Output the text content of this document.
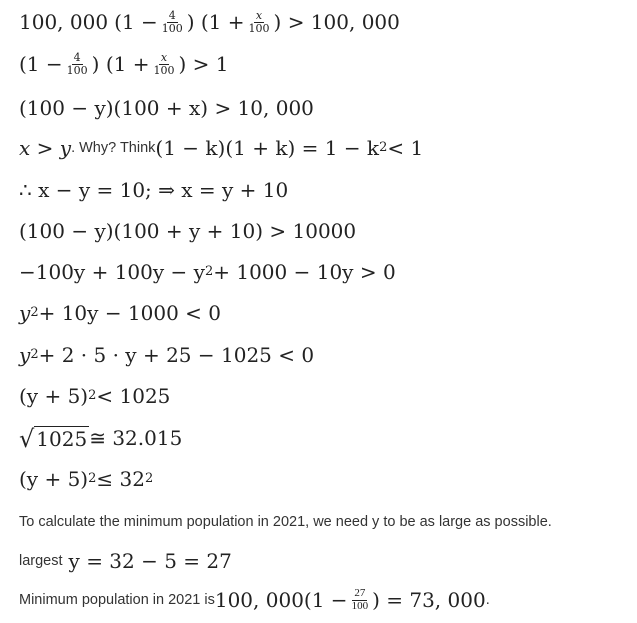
100, 000 ($1 - \frac{4}{100}$ ) ($1 + \frac{x}{100}$ ) > 100, 000
($1 - \frac{4}{100}$ ) ($1 + \frac{x}{100}$ ) > 1
(100 − y)(100 + x) > 10, 000
x > y . Why? Think (1 − k)(1 + k) = 1 − k 2 < 1
∴ x − y = 10; ⇒ x = y + 10
(100 − y)(100 + y + 10) > 10000
−100y + 100y − y 2 + 1000 − 10y > 0
y 2 + 10y − 1000 < 0
y 2 + 2 · 5 · y + 25 − 1025 < 0
(y + 5) 2 < 1025
√ 1025 ≅ 32.015
(y + 5) 2 ≤ 32 2
To calculate the minimum population in 2021, we need y to be as large as possible.
largest y = 32 − 5 = 27
Minimum population in 2021 is 100, 000 ($1 - \frac{27}{100}$ ) = 73, 000 .
